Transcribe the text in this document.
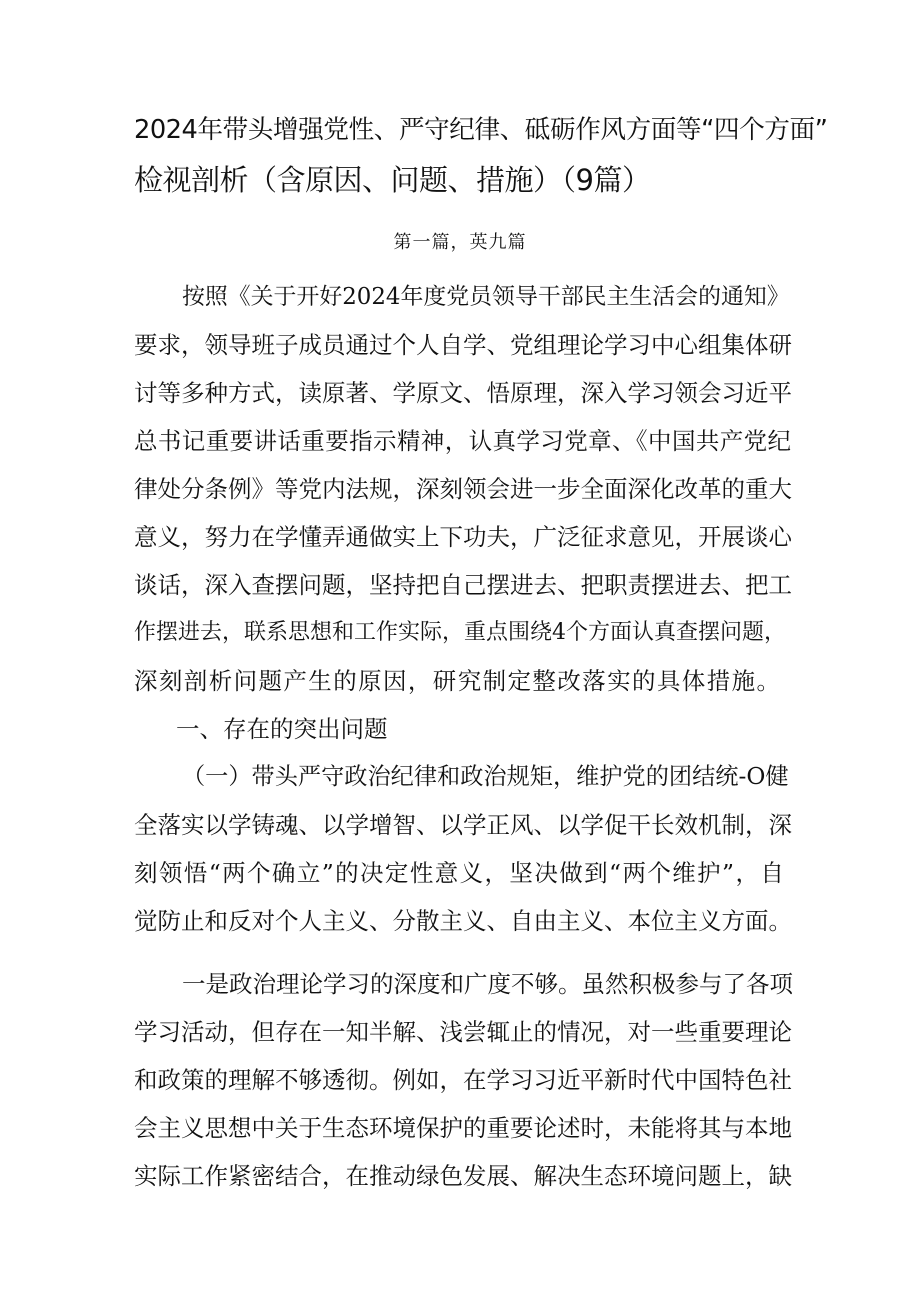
2024年带头增强党性、严守纪律、砥砺作风方面等“四个方面”
检视剖析（含原因、问题、措施）（9篇）
第一篇，英九篇
按照《关于开好2024年度党员领导干部民主生活会的通知》
要求，领导班子成员通过个人自学、党组理论学习中心组集体研
讨等多种方式，读原著、学原文、悟原理，深入学习领会习近平
总书记重要讲话重要指示精神，认真学习党章、《中国共产党纪
律处分条例》等党内法规，深刻领会进一步全面深化改革的重大
意义，努力在学懂弄通做实上下功夫，广泛征求意见，开展谈心
谈话，深入查摆问题，坚持把自己摆进去、把职责摆进去、把工
作摆进去，联系思想和工作实际，重点围绕4个方面认真查摆问题，
深刻剖析问题产生的原因，研究制定整改落实的具体措施。
一、存在的突出问题
（一）带头严守政治纪律和政治规矩，维护党的团结统-O健
全落实以学铸魂、以学增智、以学正风、以学促干长效机制，深
刻领悟“两个确立”的决定性意义，坚决做到“两个维护”，自
觉防止和反对个人主义、分散主义、自由主义、本位主义方面。
一是政治理论学习的深度和广度不够。虽然积极参与了各项
学习活动，但存在一知半解、浅尝辄止的情况，对一些重要理论
和政策的理解不够透彻。例如，在学习习近平新时代中国特色社
会主义思想中关于生态环境保护的重要论述时，未能将其与本地
实际工作紧密结合，在推动绿色发展、解决生态环境问题上，缺
